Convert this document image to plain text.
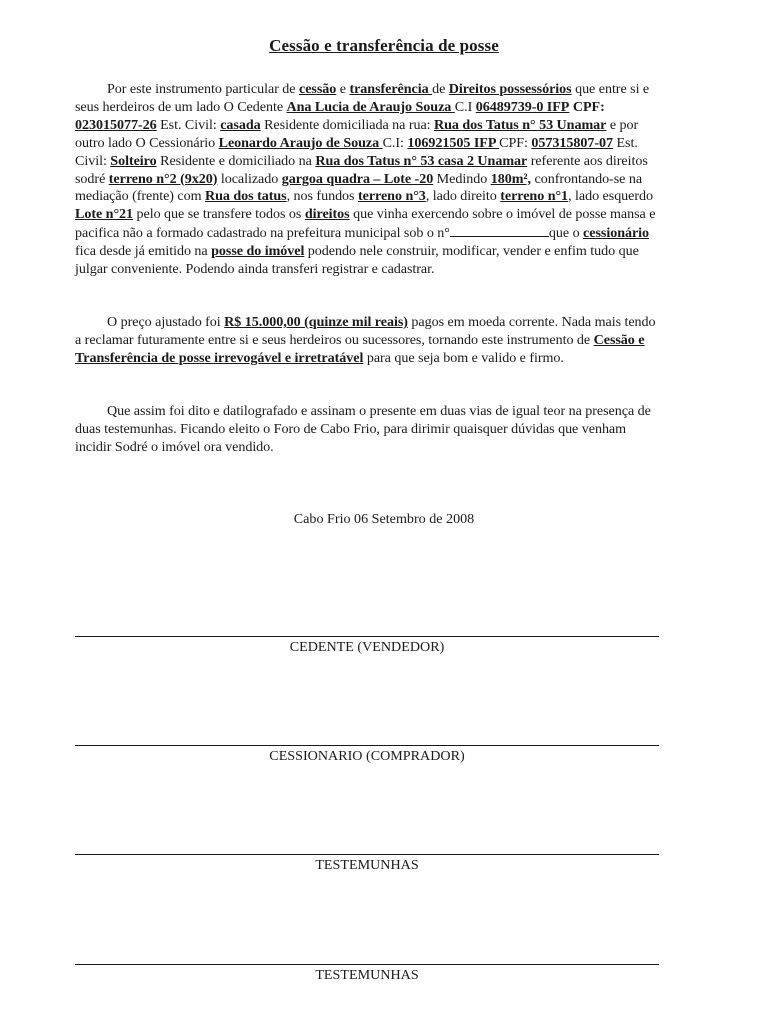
Cessão e transferência de posse
Por este instrumento particular de cessão e transferência de Direitos possessórios que entre si e seus herdeiros de um lado O Cedente Ana Lucia de Araujo Souza C.I 06489739-0 IFP CPF: 023015077-26 Est. Civil: casada Residente domiciliada na rua: Rua dos Tatus n° 53 Unamar e por outro lado O Cessionário Leonardo Araujo de Souza C.I: 106921505 IFP CPF: 057315807-07 Est. Civil: Solteiro Residente e domiciliado na Rua dos Tatus n° 53 casa 2 Unamar referente aos direitos sodré terreno n°2 (9x20) localizado gargoa quadra – Lote -20 Medindo 180m², confrontando-se na mediação (frente) com Rua dos tatus, nos fundos terreno n°3, lado direito terreno n°1, lado esquerdo Lote n°21 pelo que se transfere todos os direitos que vinha exercendo sobre o imóvel de posse mansa e pacifica não a formado cadastrado na prefeitura municipal sob o n°	que o cessionário fica desde já emitido na posse do imóvel podendo nele construir, modificar, vender e enfim tudo que julgar conveniente. Podendo ainda transferi registrar e cadastrar.
O preço ajustado foi R$ 15.000,00 (quinze mil reais) pagos em moeda corrente. Nada mais tendo a reclamar futuramente entre si e seus herdeiros ou sucessores, tornando este instrumento de Cessão e Transferência de posse irrevogável e irretratável para que seja bom e valido e firmo.
Que assim foi dito e datilografado e assinam o presente em duas vias de igual teor na presença de duas testemunhas. Ficando eleito o Foro de Cabo Frio, para dirimir quaisquer dúvidas que venham incidir Sodré o imóvel ora vendido.
Cabo Frio 06 Setembro de 2008
CEDENTE (VENDEDOR)
CESSIONARIO (COMPRADOR)
TESTEMUNHAS
TESTEMUNHAS
